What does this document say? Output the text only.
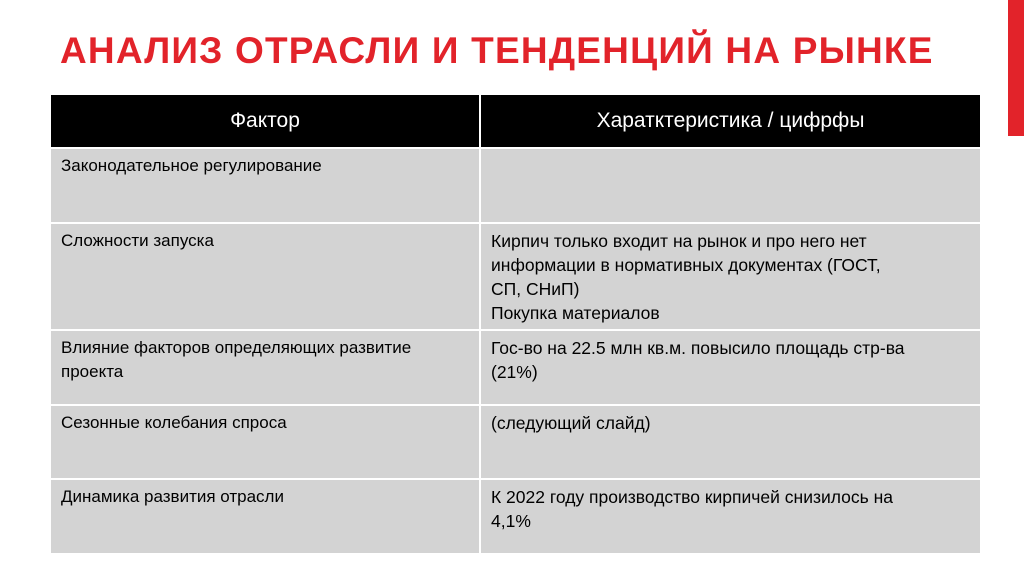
АНАЛИЗ ОТРАСЛИ И ТЕНДЕНЦИЙ НА РЫНКЕ
Фактор	Харатктеристика / цифрфы
Законодательное регулирование	
Сложности запуска	Кирпич только входит на рынок и про него нет
информации в нормативных документах (ГОСТ,
СП, СНиП)
Покупка материалов

Влияние факторов определяющих развитие проекта	Гос-во на 22.5 млн кв.м. повысило площадь стр-ва
(21%)

Сезонные колебания спроса	(следующий слайд)

Динамика развития отрасли	К 2022 году производство кирпичей снизилось на
4,1%
